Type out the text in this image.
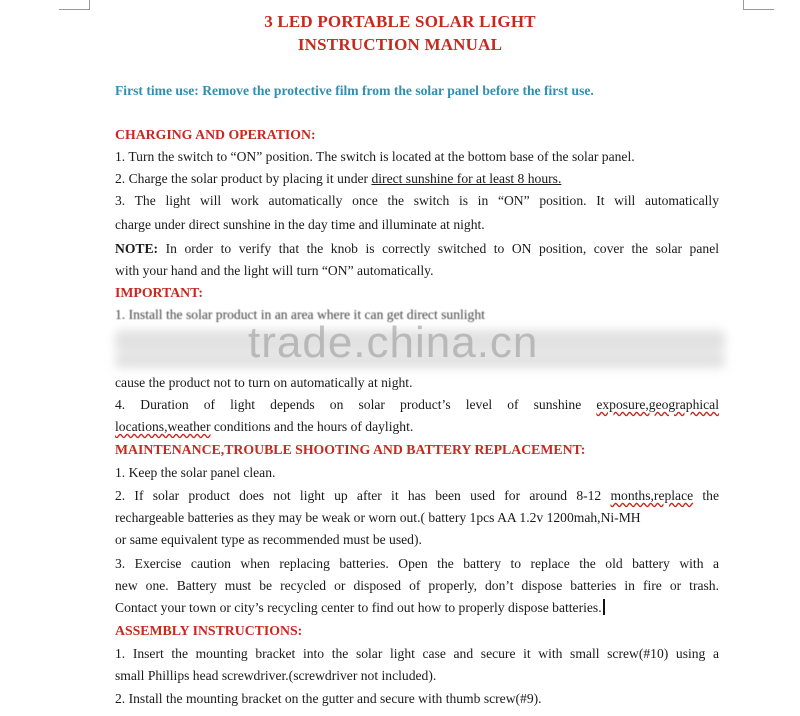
3 LED PORTABLE SOLAR LIGHT
INSTRUCTION MANUAL

First time use: Remove the protective film from the solar panel before the first use.

CHARGING AND OPERATION:

1. Turn the switch to “ON” position. The switch is located at the bottom base of the solar panel.

2. Charge the solar product by placing it under direct sunshine for at least 8 hours.

3. The light will work automatically once the switch is in “ON” position. It will automatically

charge under direct sunshine in the day time and illuminate at night.

NOTE: In order to verify that the knob is correctly switched to ON position, cover the solar panel

with your hand and the light will turn “ON” automatically.

IMPORTANT:

1. Install the solar product in an area where it can get direct sunlight
trade.china.cn

cause the product not to turn on automatically at night.

4. Duration of light depends on solar product’s level of sunshine exposure,geographical

locations,weather conditions and the hours of daylight.

MAINTENANCE,TROUBLE SHOOTING AND BATTERY REPLACEMENT:

1. Keep the solar panel clean.

2. If solar product does not light up after it has been used for around 8-12 months,replace the

rechargeable batteries as they may be weak or worn out.( battery 1pcs AA 1.2v 1200mah,Ni-MH

or same equivalent type as recommended must be used).

3. Exercise caution when replacing batteries. Open the battery to replace the old battery with a

new one. Battery must be recycled or disposed of properly, don’t dispose batteries in fire or trash.

Contact your town or city’s recycling center to find out how to properly dispose batteries.

ASSEMBLY INSTRUCTIONS:

1. Insert the mounting bracket into the solar light case and secure it with small screw(#10) using a

small Phillips head screwdriver.(screwdriver not included).

2. Install the mounting bracket on the gutter and secure with thumb screw(#9).
